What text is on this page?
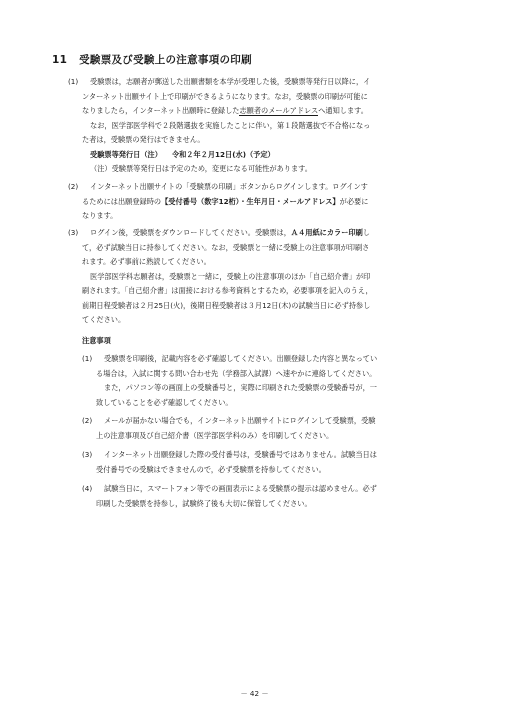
11 受験票及び受験上の注意事項の印刷
(1)	受験票は，志願者が郵送した出願書類を本学が受理した後，受験票等発行日以降に，イ
ンターネット出願サイト上で印刷ができるようになります。なお，受験票の印刷が可能に
なりましたら，インターネット出願時に登録した志願者のメールアドレスへ通知します。
なお，医学部医学科で２段階選抜を実施したことに伴い，第１段階選抜で不合格になっ
た者は，受験票の発行はできません。
受験票等発行日（注） 令和２年２月12日(水)（予定）
（注）受験票等発行日は予定のため，変更になる可能性があります。
(2)	インターネット出願サイトの「受験票の印刷」ボタンからログインします。ログインす
るためには出願登録時の【受付番号（数字12桁）・生年月日・メールアドレス】が必要に
なります。
(3)	ログイン後，受験票をダウンロードしてください。受験票は，Ａ４用紙にカラー印刷し
て，必ず試験当日に持参してください。なお，受験票と一緒に受験上の注意事項が印刷さ
れます。必ず事前に熟読してください。
医学部医学科志願者は，受験票と一緒に，受験上の注意事項のほか「自己紹介書」が印
刷されます。「自己紹介書」は面接における参考資料とするため，必要事項を記入のうえ，
前期日程受験者は２月25日(火)，後期日程受験者は３月12日(木)の試験当日に必ず持参し
てください。
注意事項
(1)	受験票を印刷後，記載内容を必ず確認してください。出願登録した内容と異なってい
る場合は，入試に関する問い合わせ先（学務部入試課）へ速やかに連絡してください。
また，パソコン等の画面上の受験番号と，実際に印刷された受験票の受験番号が，一
致していることを必ず確認してください。
(2)	メールが届かない場合でも，インターネット出願サイトにログインして受験票，受験
上の注意事項及び自己紹介書（医学部医学科のみ）を印刷してください。
(3)	インターネット出願登録した際の受付番号は，受験番号ではありません。試験当日は
受付番号での受験はできませんので，必ず受験票を持参してください。
(4)	試験当日に，スマートフォン等での画面表示による受験票の提示は認めません。必ず
印刷した受験票を持参し，試験終了後も大切に保管してください。
－ 42 －
